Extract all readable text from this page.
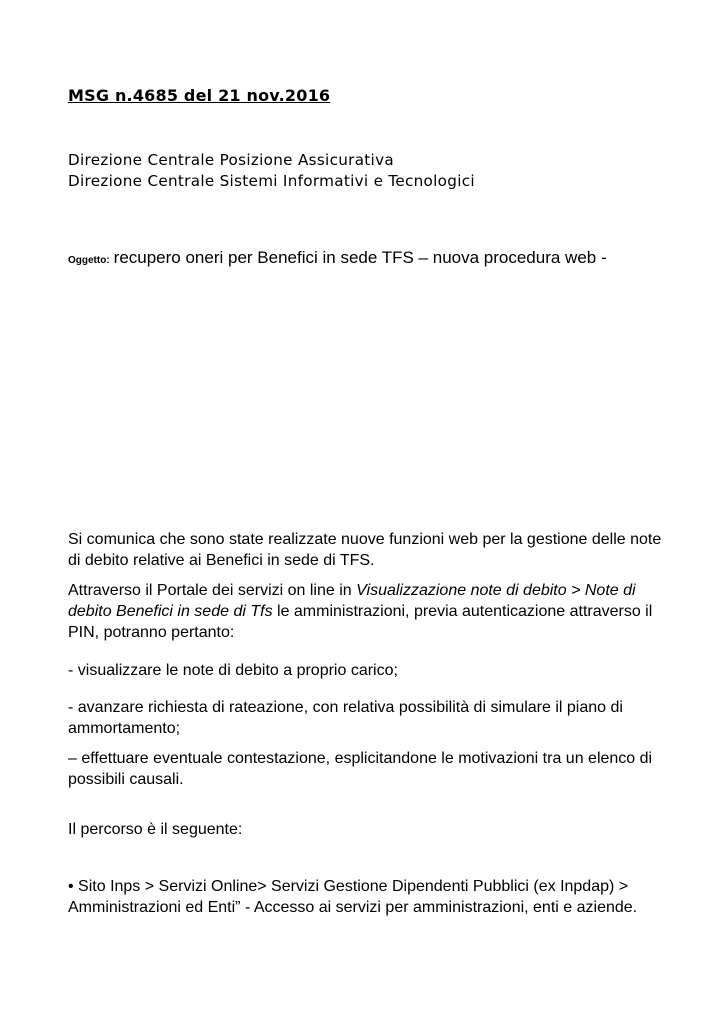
MSG n.4685 del 21 nov.2016
Direzione Centrale Posizione Assicurativa
Direzione Centrale Sistemi Informativi e Tecnologici
Oggetto: recupero oneri per Benefici in sede TFS – nuova procedura web -

Si comunica che sono state realizzate nuove funzioni web per la gestione delle note di debito relative ai Benefici in sede di TFS.

Attraverso il Portale dei servizi on line in Visualizzazione note di debito > Note di debito Benefici in sede di Tfs le amministrazioni, previa autenticazione attraverso il PIN, potranno pertanto:

- visualizzare le note di debito a proprio carico;

- avanzare richiesta di rateazione, con relativa possibilità di simulare il piano di ammortamento;

– effettuare eventuale contestazione, esplicitandone le motivazioni tra un elenco di possibili causali.

Il percorso è il seguente:

• Sito Inps > Servizi Online> Servizi Gestione Dipendenti Pubblici (ex Inpdap) > Amministrazioni ed Enti” - Accesso ai servizi per amministrazioni, enti e aziende.
